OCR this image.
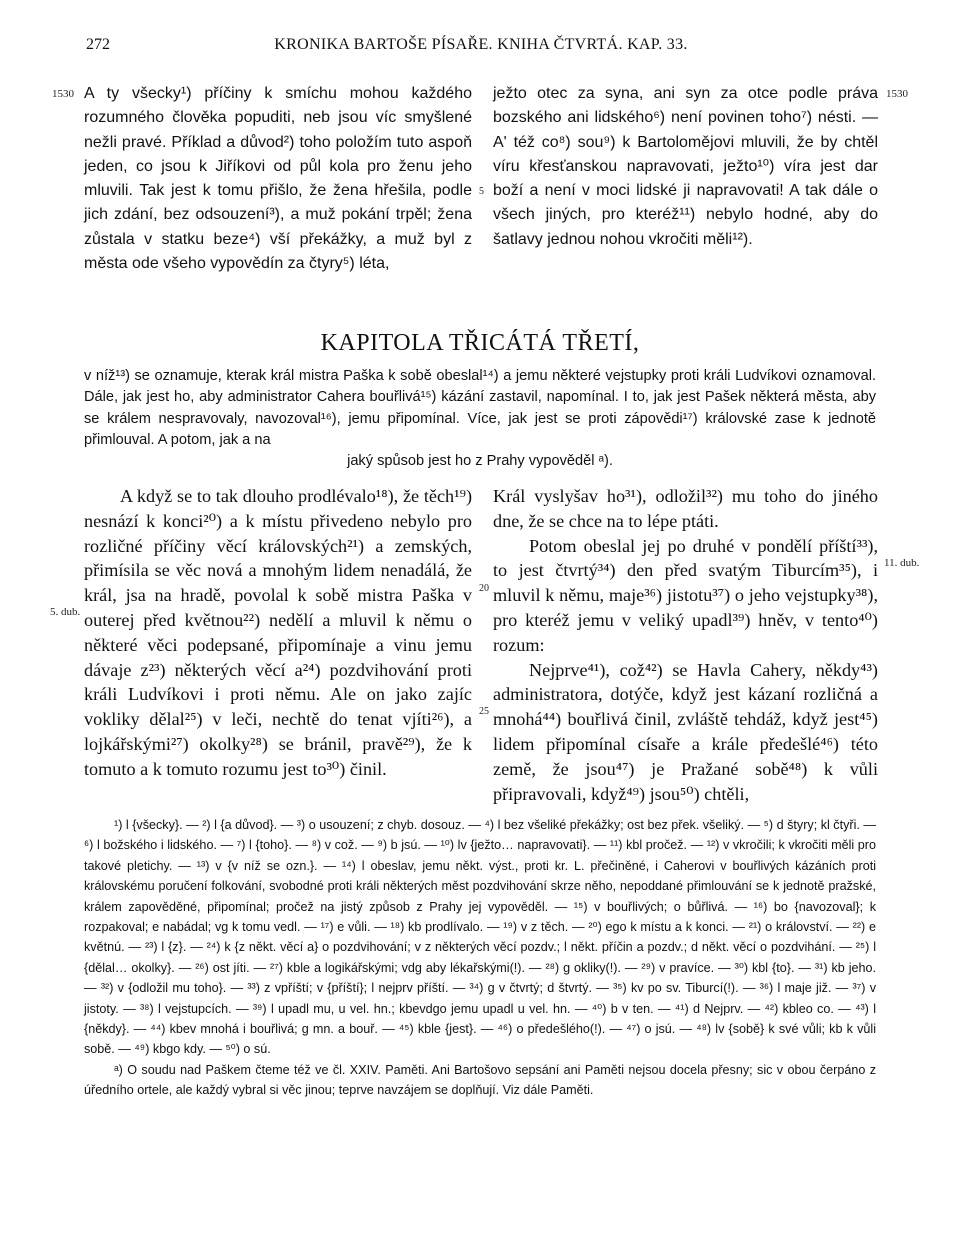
272	KRONIKA BARTOŠE PÍSAŘE. KNIHA ČTVRTÁ. KAP. 33.
1530	1530
5
A ty všecky¹) příčiny k smíchu mohou každého rozumného člověka popuditi, neb jsou víc smyšlené nežli pravé. Příklad a důvod²) toho položím tuto aspoň jeden, co jsou k Jiříkovi od půl kola pro ženu jeho mluvili. Tak jest k tomu přišlo, že žena hřešila, podle jich zdání, bez odsouzení³), a muž pokání trpěl; žena zůstala v statku beze⁴) vší překážky, a muž byl z města ode všeho vypovědín za čtyry⁵) léta,
ježto otec za syna, ani syn za otce podle práva bozského ani lidského⁶) není povinen toho⁷) nésti. — A' též co⁸) sou⁹) k Bartolomějovi mluvili, že by chtěl víru křesťanskou napravovati, ježto¹⁰) víra jest dar boží a není v moci lidské ji napravovati! A tak dále o všech jiných, pro kteréž¹¹) nebylo hodné, aby do šatlavy jednou nohou vkročiti měli¹²).
KAPITOLA TŘICÁTÁ TŘETÍ,
v níž¹³) se oznamuje, kterak král mistra Paška k sobě obeslal¹⁴) a jemu některé vejstupky proti králi Ludvíkovi oznamoval. Dále, jak jest ho, aby administrator Cahera bouřlivá¹⁵) kázání zastavil, napomínal. I to, jak jest Pašek některá města, aby se králem nespravovaly, navozoval¹⁶), jemu připomínal. Více, jak jest se proti zápovědi¹⁷) královské zase k jednotě přimlouval. A potom, jak a na
jaký spůsob jest ho z Prahy vypověděl ᵃ).
11. dub.
20
5. dub.
25
A když se to tak dlouho prodlévalo¹⁸), že těch¹⁹) nesnází k konci²⁰) a k místu přivedeno nebylo pro rozličné příčiny věcí královských²¹) a zemských, přimísila se věc nová a mnohým lidem nenadálá, že král, jsa na hradě, povolal k sobě mistra Paška v outerej před květnou²²) nedělí a mluvil k němu o některé věci podepsané, připomínaje a vinu jemu dávaje z²³) některých věcí a²⁴) pozdvihování proti králi Ludvíkovi i proti němu. Ale on jako zajíc vokliky dělal²⁵) v leči, nechtě do tenat vjíti²⁶), a lojkářskými²⁷) okolky²⁸) se bránil, pravě²⁹), že k tomuto a k tomuto rozumu jest to³⁰) činil.
Král vyslyšav ho³¹), odložil³²) mu toho do jiného dne, že se chce na to lépe ptáti.
Potom obeslal jej po druhé v pondělí příští³³), to jest čtvrtý³⁴) den před svatým Tiburcím³⁵), i mluvil k němu, maje³⁶) jistotu³⁷) o jeho vejstupky³⁸), pro kteréž jemu v veliký upadl³⁹) hněv, v tento⁴⁰) rozum:
Nejprve⁴¹), což⁴²) se Havla Cahery, někdy⁴³) administratora, dotýče, když jest kázaní rozličná a mnohá⁴⁴) bouřlivá činil, zvláště tehdáž, když jest⁴⁵) lidem připomínal císaře a krále předešlé⁴⁶) této země, že jsou⁴⁷) je Pražané sobě⁴⁸) k vůli připravovali, když⁴⁹) jsou⁵⁰) chtěli,

¹) l {všecky}. — ²) l {a důvod}. — ³) o usouzení; z chyb. dosouz. — ⁴) l bez všeliké překážky; ost bez přek. všeliký. — ⁵) d štyry; kl čtyři. — ⁶) l božského i lidského. — ⁷) l {toho}. — ⁸) v což. — ⁹) b jsú. — ¹⁰) lv {ježto… napravovati}. — ¹¹) kbl pročež. — ¹²) v vkročili; k vkročiti měli pro takové pletichy. — ¹³) v {v níž se ozn.}. — ¹⁴) l obeslav, jemu někt. výst., proti kr. L. přečiněné, i Caherovi v bouřlivých kázáních proti královskému poručení folkování, svobodné proti králi některých měst pozdvihování skrze něho, nepoddané přimlouvání se k jednotě pražské, králem zapověděné, připomínal; pročež na jistý způsob z Prahy jej vypověděl. — ¹⁵) v bouřlivých; o bůřlivá. — ¹⁶) bo {navozoval}; k rozpakoval; e nabádal; vg k tomu vedl. — ¹⁷) e vůli. — ¹⁸) kb prodlívalo. — ¹⁹) v z těch. — ²⁰) ego k místu a k konci. — ²¹) o království. — ²²) e květnú. — ²³) l {z}. — ²⁴) k {z někt. věcí a} o pozdvihování; v z některých věcí pozdv.; l někt. příčin a pozdv.; d někt. věcí o pozdvihání. — ²⁵) l {dělal… okolky}. — ²⁶) ost jíti. — ²⁷) kble a logikářskými; vdg aby lékařskými(!). — ²⁸) g okliky(!). — ²⁹) v pravíce. — ³⁰) kbl {to}. — ³¹) kb jeho. — ³²) v {odložil mu toho}. — ³³) z vpříští; v {příští}; l nejprv příští. — ³⁴) g v čtvrtý; d štvrtý. — ³⁵) kv po sv. Tiburcí(!). — ³⁶) l maje již. — ³⁷) v jistoty. — ³⁸) l vejstupcích. — ³⁹) l upadl mu, u vel. hn.; kbevdgo jemu upadl u vel. hn. — ⁴⁰) b v ten. — ⁴¹) d Nejprv. — ⁴²) kbleo co. — ⁴³) l {někdy}. — ⁴⁴) kbev mnohá i bouřlivá; g mn. a bouř. — ⁴⁵) kble {jest}. — ⁴⁶) o předešlého(!). — ⁴⁷) o jsú. — ⁴⁸) lv {sobě} k své vůli; kb k vůli sobě. — ⁴⁹) kbgo kdy. — ⁵⁰) o sú.

ᵃ) O soudu nad Paškem čteme též ve čl. XXIV. Paměti. Ani Bartošovo sepsání ani Paměti nejsou docela přesny; sic v obou čerpáno z úředního ortele, ale každý vybral si věc jinou; teprve navzájem se doplňují. Viz dále Paměti.
